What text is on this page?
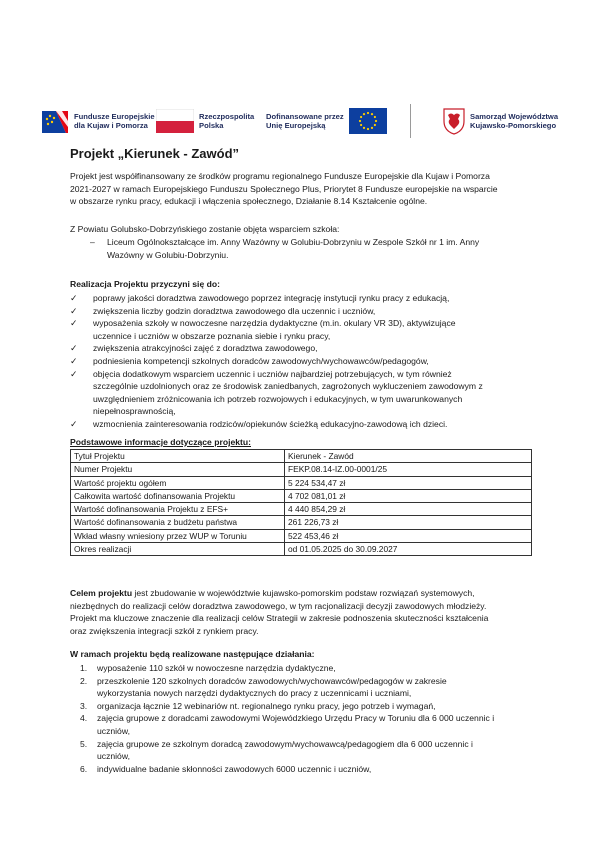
Fundusze Europejskie
dla Kujaw i Pomorza
Rzeczpospolita
Polska
Dofinansowane przez
Unię Europejską
Samorząd Województwa
Kujawsko-Pomorskiego
Projekt „Kierunek - Zawód”
Projekt jest współfinansowany ze środków programu regionalnego Fundusze Europejskie dla Kujaw i Pomorza
2021-2027 w ramach Europejskiego Funduszu Społecznego Plus, Priorytet 8 Fundusze europejskie na wsparcie
w obszarze rynku pracy, edukacji i włączenia społecznego, Działanie 8.14 Kształcenie ogólne.
Z Powiatu Golubsko-Dobrzyńskiego zostanie objęta wsparciem szkoła:
– Liceum Ogólnokształcące im. Anny Wazówny w Golubiu-Dobrzyniu w Zespole Szkół nr 1 im. Anny
Wazówny w Golubiu-Dobrzyniu.
Realizacja Projektu przyczyni się do:
✓ poprawy jakości doradztwa zawodowego poprzez integrację instytucji rynku pracy z edukacją,
✓ zwiększenia liczby godzin doradztwa zawodowego dla uczennic i uczniów,
✓ wyposażenia szkoły w nowoczesne narzędzia dydaktyczne (m.in. okulary VR 3D), aktywizujące
uczennice i uczniów w obszarze poznania siebie i rynku pracy,
✓ zwiększenia atrakcyjności zajęć z doradztwa zawodowego,
✓ podniesienia kompetencji szkolnych doradców zawodowych/wychowawców/pedagogów,
✓ objęcia dodatkowym wsparciem uczennic i uczniów najbardziej potrzebujących, w tym również
szczególnie uzdolnionych oraz ze środowisk zaniedbanych, zagrożonych wykluczeniem zawodowym z
uwzględnieniem zróżnicowania ich potrzeb rozwojowych i edukacyjnych, w tym uwarunkowanych
niepełnosprawnością,
✓ wzmocnienia zainteresowania rodziców/opiekunów ścieżką edukacyjno-zawodową ich dzieci.
Podstawowe informacje dotyczące projektu:
Tytuł Projektu	Kierunek - Zawód
Numer Projektu	FEKP.08.14-IZ.00-0001/25
Wartość projektu ogółem	5 224 534,47 zł
Całkowita wartość dofinansowania Projektu	4 702 081,01 zł
Wartość dofinansowania Projektu z EFS+	4 440 854,29 zł
Wartość dofinansowania z budżetu państwa	261 226,73 zł
Wkład własny wniesiony przez WUP w Toruniu	522 453,46 zł
Okres realizacji	od 01.05.2025 do 30.09.2027
Celem projektu jest zbudowanie w województwie kujawsko-pomorskim podstaw rozwiązań systemowych,
niezbędnych do realizacji celów doradztwa zawodowego, w tym racjonalizacji decyzji zawodowych młodzieży.
Projekt ma kluczowe znaczenie dla realizacji celów Strategii w zakresie podnoszenia skuteczności kształcenia
oraz zwiększenia integracji szkół z rynkiem pracy.
W ramach projektu będą realizowane następujące działania:
1. wyposażenie 110 szkół w nowoczesne narzędzia dydaktyczne,
2. przeszkolenie 120 szkolnych doradców zawodowych/wychowawców/pedagogów w zakresie
wykorzystania nowych narzędzi dydaktycznych do pracy z uczennicami i uczniami,
3. organizacja łącznie 12 webinariów nt. regionalnego rynku pracy, jego potrzeb i wymagań,
4. zajęcia grupowe z doradcami zawodowymi Wojewódzkiego Urzędu Pracy w Toruniu dla 6 000 uczennic i
uczniów,
5. zajęcia grupowe ze szkolnym doradcą zawodowym/wychowawcą/pedagogiem dla 6 000 uczennic i
uczniów,
6. indywidualne badanie skłonności zawodowych 6000 uczennic i uczniów,
